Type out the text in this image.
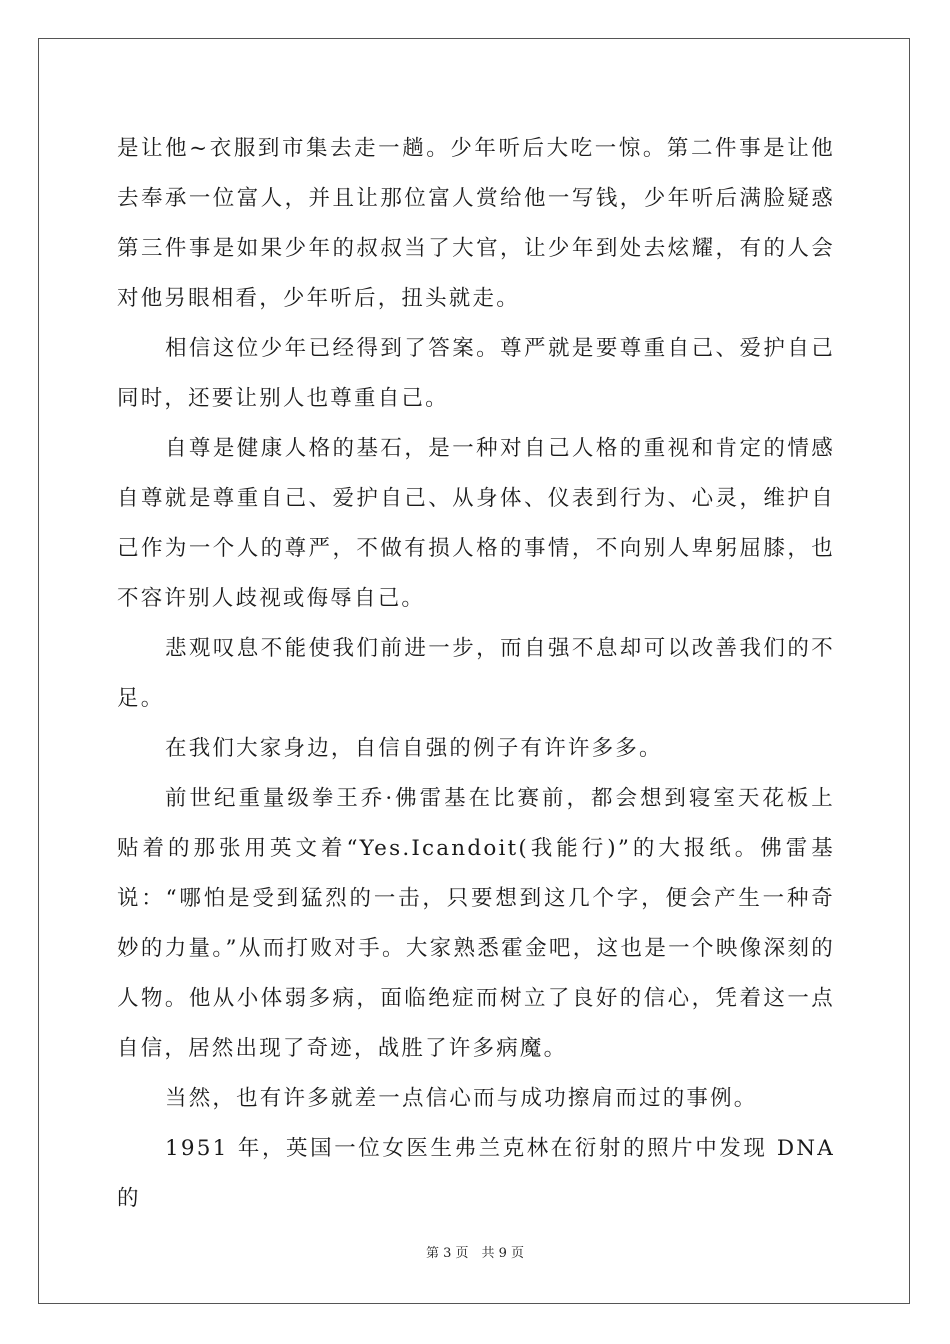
是让他~衣服到市集去走一趟。少年听后大吃一惊。第二件事是让他去奉承一位富人，并且让那位富人赏给他一写钱，少年听后满脸疑惑第三件事是如果少年的叔叔当了大官，让少年到处去炫耀，有的人会对他另眼相看，少年听后，扭头就走。

相信这位少年已经得到了答案。尊严就是要尊重自己、爱护自己同时，还要让别人也尊重自己。

自尊是健康人格的基石，是一种对自己人格的重视和肯定的情感自尊就是尊重自己、爱护自己、从身体、仪表到行为、心灵，维护自己作为一个人的尊严，不做有损人格的事情，不向别人卑躬屈膝，也不容许别人歧视或侮辱自己。

悲观叹息不能使我们前进一步，而自强不息却可以改善我们的不足。

在我们大家身边，自信自强的例子有许许多多。

前世纪重量级拳王乔·佛雷基在比赛前，都会想到寝室天花板上贴着的那张用英文着“Yes.Icandoit(我能行)”的大报纸。佛雷基说：“哪怕是受到猛烈的一击，只要想到这几个字，便会产生一种奇妙的力量。”从而打败对手。大家熟悉霍金吧，这也是一个映像深刻的人物。他从小体弱多病，面临绝症而树立了良好的信心，凭着这一点自信，居然出现了奇迹，战胜了许多病魔。

当然，也有许多就差一点信心而与成功擦肩而过的事例。

1951 年，英国一位女医生弗兰克林在衍射的照片中发现 DNA 的

第 3 页　共 9 页
